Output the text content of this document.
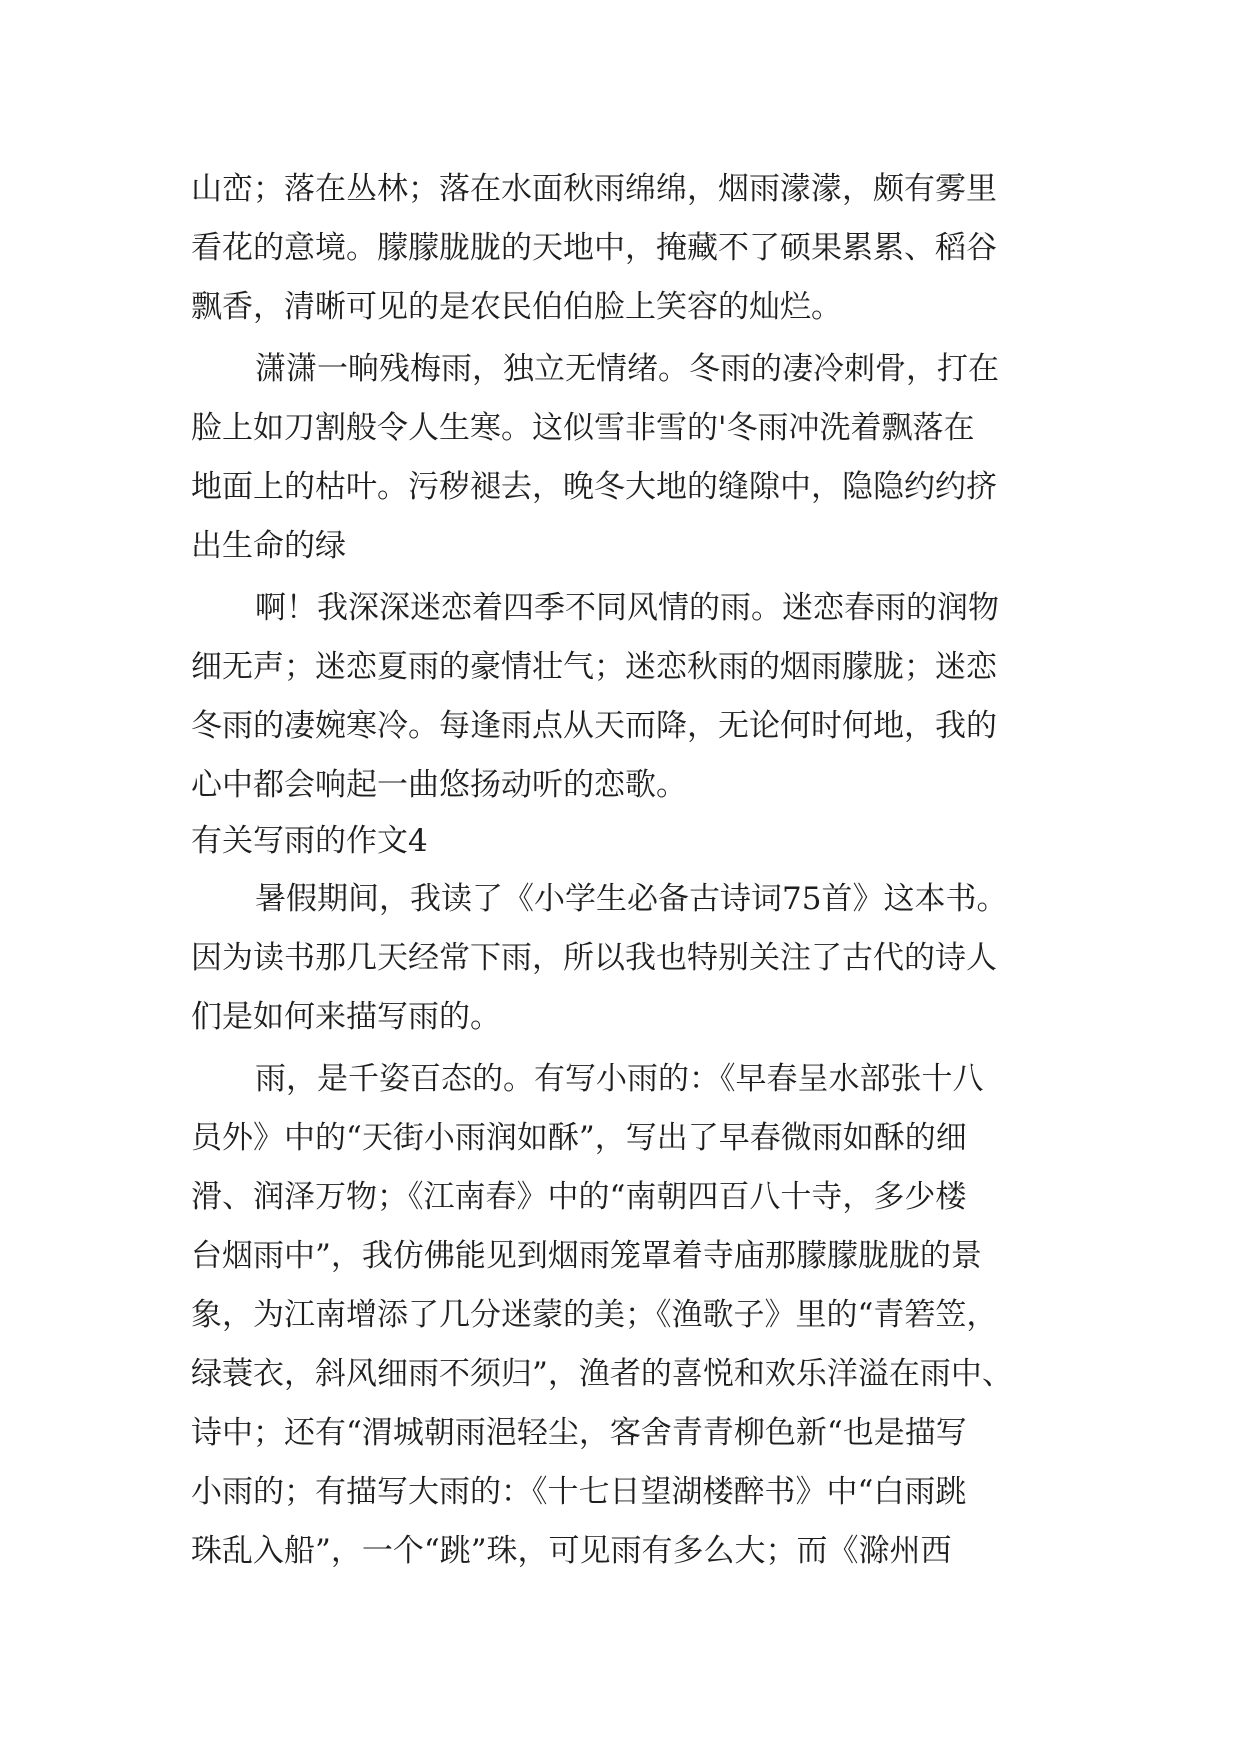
山峦；落在丛林；落在水面秋雨绵绵，烟雨濛濛，颇有雾里
看花的意境。朦朦胧胧的天地中，掩藏不了硕果累累、稻谷
飘香，清晰可见的是农民伯伯脸上笑容的灿烂。
潇潇一晌残梅雨，独立无情绪。冬雨的凄冷刺骨，打在
脸上如刀割般令人生寒。这似雪非雪的'冬雨冲洗着飘落在
地面上的枯叶。污秽褪去，晚冬大地的缝隙中，隐隐约约挤
出生命的绿
啊！我深深迷恋着四季不同风情的雨。迷恋春雨的润物
细无声；迷恋夏雨的豪情壮气；迷恋秋雨的烟雨朦胧；迷恋
冬雨的凄婉寒冷。每逢雨点从天而降，无论何时何地，我的
心中都会响起一曲悠扬动听的恋歌。
有关写雨的作文4
暑假期间，我读了《小学生必备古诗词75首》这本书。
因为读书那几天经常下雨，所以我也特别关注了古代的诗人
们是如何来描写雨的。
雨，是千姿百态的。有写小雨的：《早春呈水部张十八
员外》中的“天街小雨润如酥”，写出了早春微雨如酥的细
滑、润泽万物；《江南春》中的“南朝四百八十寺，多少楼
台烟雨中”，我仿佛能见到烟雨笼罩着寺庙那朦朦胧胧的景
象，为江南增添了几分迷蒙的美；《渔歌子》里的“青箬笠，
绿蓑衣，斜风细雨不须归”，渔者的喜悦和欢乐洋溢在雨中、
诗中；还有“渭城朝雨浥轻尘，客舍青青柳色新“也是描写
小雨的；有描写大雨的：《十七日望湖楼醉书》中“白雨跳
珠乱入船”，一个“跳”珠，可见雨有多么大；而《滁州西
